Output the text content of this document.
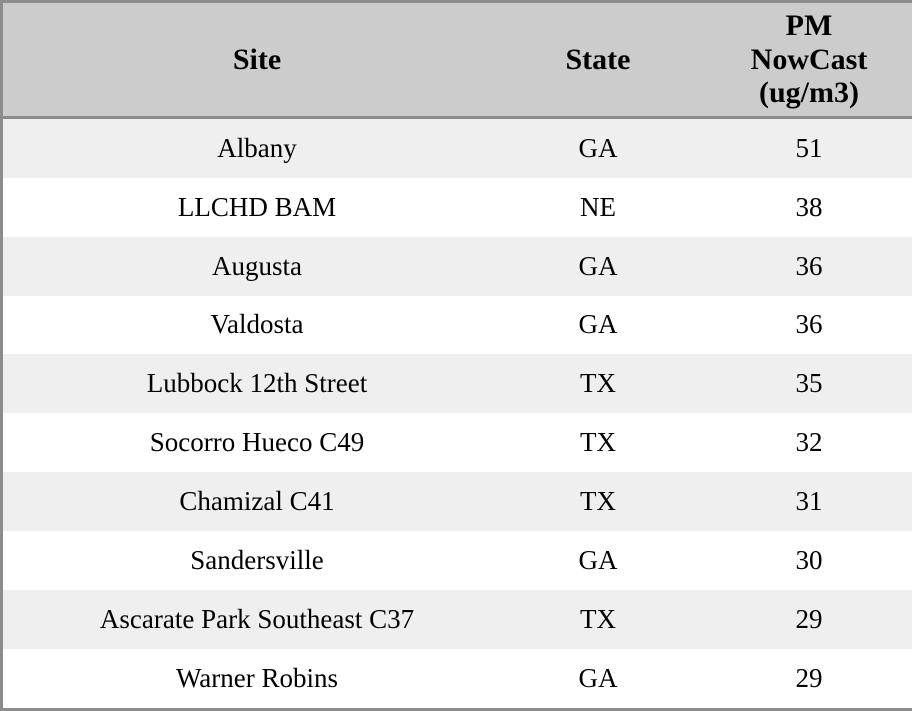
Site	State	PM
NowCast
(ug/m3)

Albany	GA	51
LLCHD BAM	NE	38
Augusta	GA	36
Valdosta	GA	36
Lubbock 12th Street	TX	35
Socorro Hueco C49	TX	32
Chamizal C41	TX	31
Sandersville	GA	30
Ascarate Park Southeast C37	TX	29
Warner Robins	GA	29
